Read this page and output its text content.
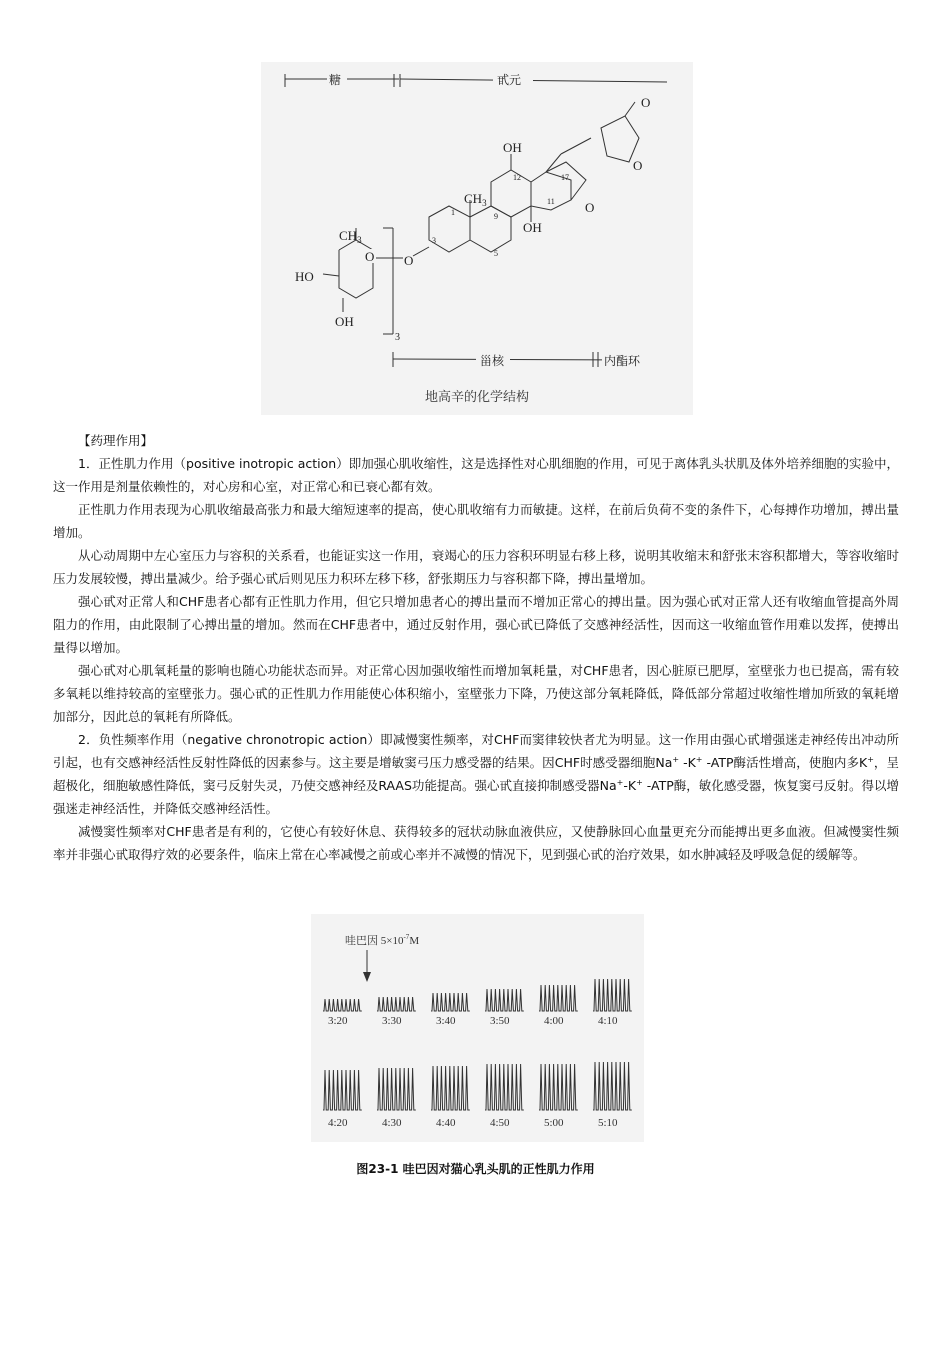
糖	甙元
O
$CH_3$
HO
OH
3
O
$CH_3$
OH
OH
O
1
3
5
9
11
12	17
O
O
甾核	内酯环
地高辛的化学结构

【药理作用】

1．正性肌力作用（positive inotropic action）即加强心肌收缩性，这是选择性对心肌细胞的作用，可见于离体乳头状肌及体外培养细胞的实验中，这一作用是剂量依赖性的，对心房和心室，对正常心和已衰心都有效。

正性肌力作用表现为心肌收缩最高张力和最大缩短速率的提高，使心肌收缩有力而敏捷。这样，在前后负荷不变的条件下，心每搏作功增加，搏出量增加。

从心动周期中左心室压力与容积的关系看，也能证实这一作用，衰竭心的压力容积环明显右移上移，说明其收缩末和舒张末容积都增大，等容收缩时压力发展较慢，搏出量减少。给予强心甙后则见压力积环左移下移，舒张期压力与容积都下降，搏出量增加。

强心甙对正常人和CHF患者心都有正性肌力作用，但它只增加患者心的搏出量而不增加正常心的搏出量。因为强心甙对正常人还有收缩血管提高外周阻力的作用，由此限制了心搏出量的增加。然而在CHF患者中，通过反射作用，强心甙已降低了交感神经活性，因而这一收缩血管作用难以发挥，使搏出量得以增加。

强心甙对心肌氧耗量的影响也随心功能状态而异。对正常心因加强收缩性而增加氧耗量，对CHF患者，因心脏原已肥厚，室壁张力也已提高，需有较多氧耗以维持较高的室壁张力。强心甙的正性肌力作用能使心体积缩小，室壁张力下降，乃使这部分氧耗降低，降低部分常超过收缩性增加所致的氧耗增加部分，因此总的氧耗有所降低。

2．负性频率作用（negative chronotropic action）即减慢窦性频率，对CHF而窦律较快者尤为明显。这一作用由强心甙增强迷走神经传出冲动所引起，也有交感神经活性反射性降低的因素参与。这主要是增敏窦弓压力感受器的结果。因CHF时感受器细胞Na+ -K+ -ATP酶活性增高，使胞内多K+，呈超极化，细胞敏感性降低，窦弓反射失灵，乃使交感神经及RAAS功能提高。强心甙直接抑制感受器Na+-K+ -ATP酶，敏化感受器，恢复窦弓反射。得以增强迷走神经活性，并降低交感神经活性。

减慢窦性频率对CHF患者是有利的，它使心有较好休息、获得较多的冠状动脉血液供应，又使静脉回心血量更充分而能搏出更多血液。但减慢窦性频率并非强心甙取得疗效的必要条件，临床上常在心率减慢之前或心率并不减慢的情况下，见到强心甙的治疗效果，如水肿减轻及呼吸急促的缓解等。

哇巴因 $5\times 10^{-7}M$
3:20	3:30	3:40	3:50	4:00	4:10
4:20	4:30	4:40	4:50	5:00	5:10
图23-1 哇巴因对猫心乳头肌的正性肌力作用
